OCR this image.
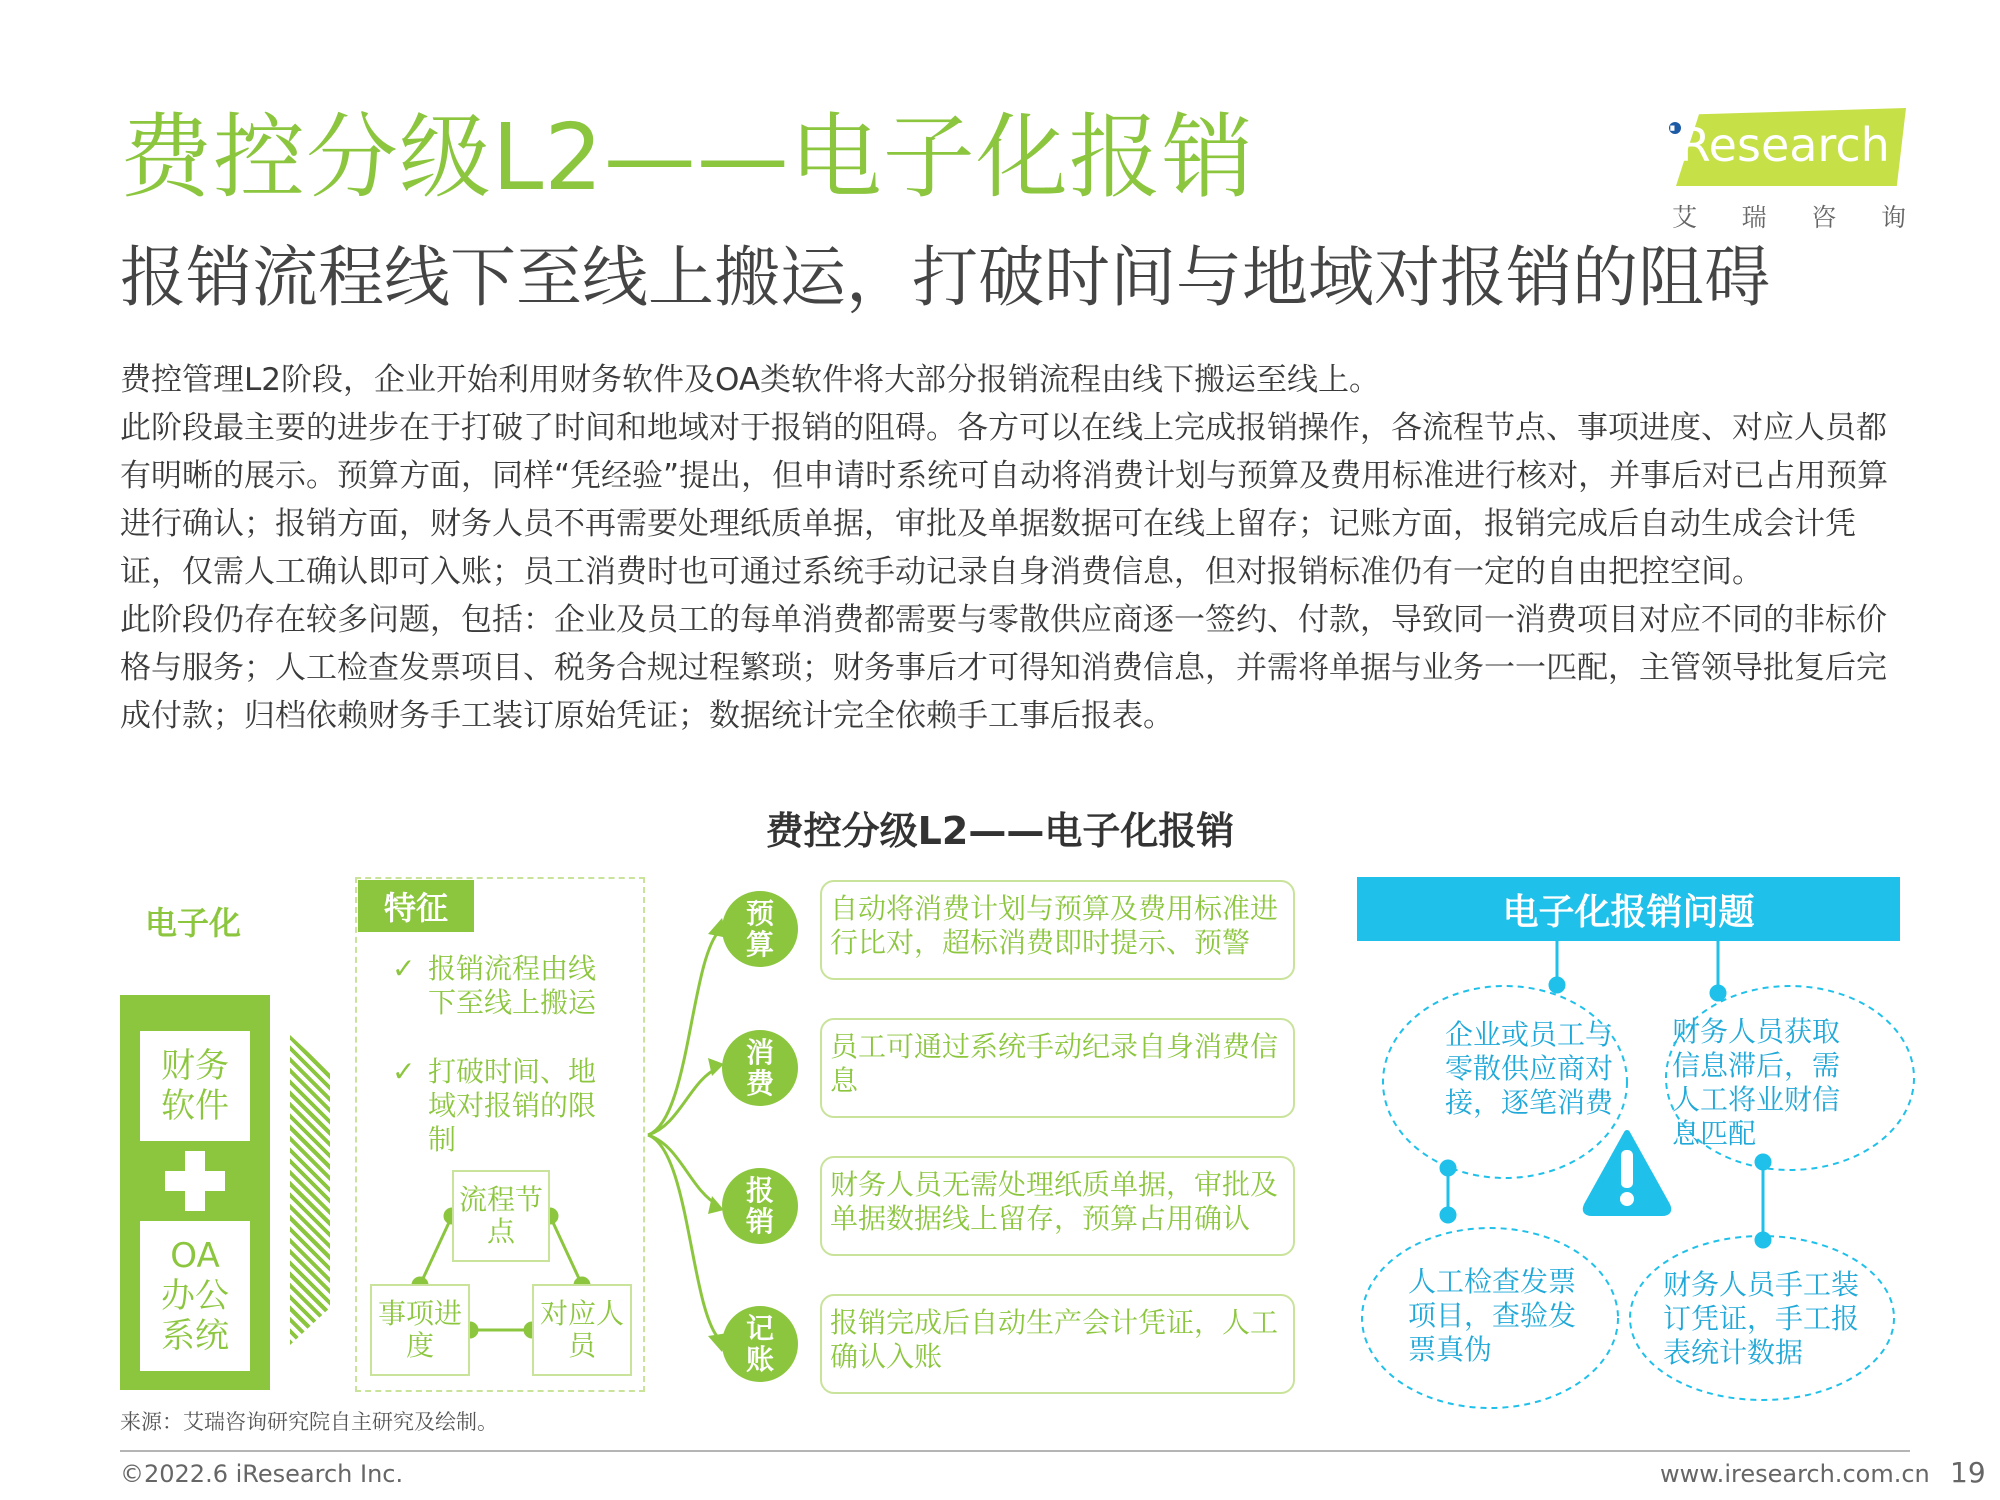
费控分级L2——电子化报销
报销流程线下至线上搬运，打破时间与地域对报销的阻碍
iResearch
艾 瑞 咨 询

费控管理L2阶段，企业开始利用财务软件及OA类软件将大部分报销流程由线下搬运至线上。

此阶段最主要的进步在于打破了时间和地域对于报销的阻碍。各方可以在线上完成报销操作，各流程节点、事项进度、对应人员都有明晰的展示。预算方面，同样“凭经验”提出，但申请时系统可自动将消费计划与预算及费用标准进行核对，并事后对已占用预算进行确认；报销方面，财务人员不再需要处理纸质单据，审批及单据数据可在线上留存；记账方面，报销完成后自动生成会计凭证，仅需人工确认即可入账；员工消费时也可通过系统手动记录自身消费信息，但对报销标准仍有一定的自由把控空间。

此阶段仍存在较多问题，包括：企业及员工的每单消费都需要与零散供应商逐一签约、付款，导致同一消费项目对应不同的非标价格与服务；人工检查发票项目、税务合规过程繁琐；财务事后才可得知消费信息，并需将单据与业务一一匹配，主管领导批复后完成付款；归档依赖财务手工装订原始凭证；数据统计完全依赖手工事后报表。

费控分级L2——电子化报销
电子化
财务软件
OA办公系统
特征
✓ 报销流程由线下至线上搬运
✓ 打破时间、地域对报销的限制
流程节点
事项进度
对应人员
预算
自动将消费计划与预算及费用标准进行比对，超标消费即时提示、预警
消费
员工可通过系统手动纪录自身消费信息
报销
财务人员无需处理纸质单据，审批及单据数据线上留存，预算占用确认
记账
报销完成后自动生产会计凭证，人工确认入账
电子化报销问题
企业或员工与零散供应商对接，逐笔消费
财务人员获取信息滞后，需人工将业财信息匹配
人工检查发票项目，查验发票真伪
财务人员手工装订凭证，手工报表统计数据
来源：艾瑞咨询研究院自主研究及绘制。
©2022.6 iResearch Inc.	www.iresearch.com.cn 19
